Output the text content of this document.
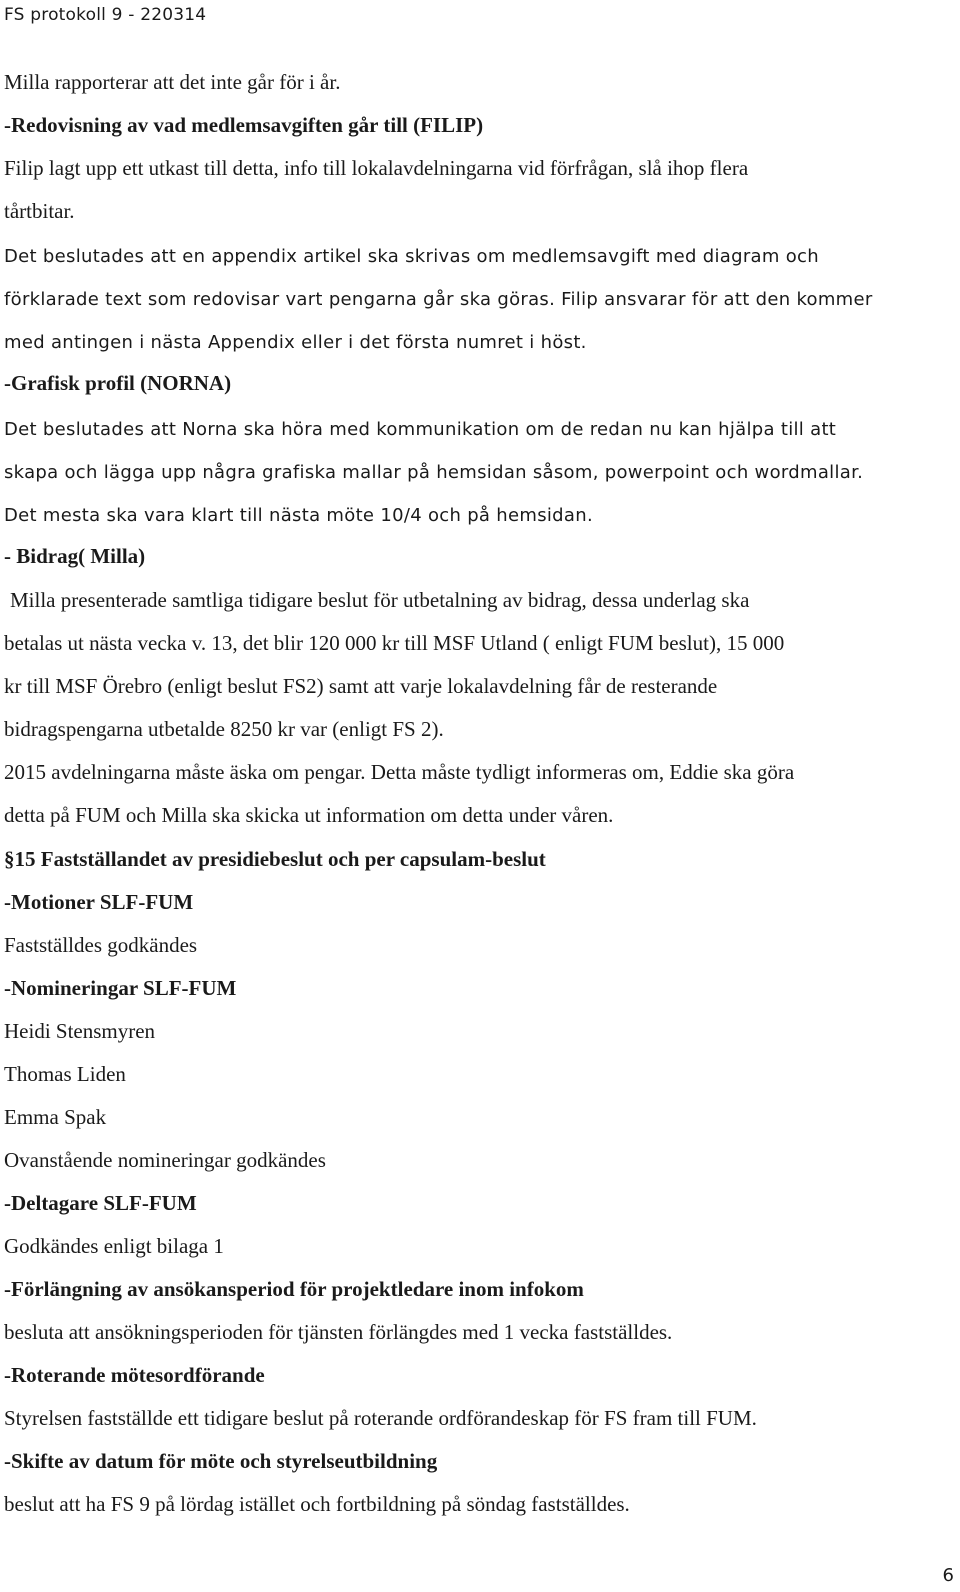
FS protokoll 9 - 220314
Milla rapporterar att det inte går för i år.
-Redovisning av vad medlemsavgiften går till (FILIP)
Filip lagt upp ett utkast till detta, info till lokalavdelningarna vid förfrågan, slå ihop flera
tårtbitar.
Det beslutades att en appendix artikel ska skrivas om medlemsavgift med diagram och
förklarade text som redovisar vart pengarna går ska göras. Filip ansvarar för att den kommer
med antingen i nästa Appendix eller i det första numret i höst.
-Grafisk profil (NORNA)
Det beslutades att Norna ska höra med kommunikation om de redan nu kan hjälpa till att
skapa och lägga upp några grafiska mallar på hemsidan såsom, powerpoint och wordmallar.
Det mesta ska vara klart till nästa möte 10/4 och på hemsidan.
- Bidrag( Milla)
Milla presenterade samtliga tidigare beslut för utbetalning av bidrag, dessa underlag ska
betalas ut nästa vecka v. 13, det blir 120 000 kr till MSF Utland ( enligt FUM beslut), 15 000
kr till MSF Örebro (enligt beslut FS2) samt att varje lokalavdelning får de resterande
bidragspengarna utbetalde 8250 kr var (enligt FS 2).
2015 avdelningarna måste äska om pengar. Detta måste tydligt informeras om, Eddie ska göra
detta på FUM och Milla ska skicka ut information om detta under våren.
§15 Fastställandet av presidiebeslut och per capsulam-beslut
-Motioner SLF-FUM
Fastställdes godkändes
-Nomineringar SLF-FUM
Heidi Stensmyren
Thomas Liden
Emma Spak
Ovanstående nomineringar godkändes
-Deltagare SLF-FUM
Godkändes enligt bilaga 1
-Förlängning av ansökansperiod för projektledare inom infokom
besluta att ansökningsperioden för tjänsten förlängdes med 1 vecka fastställdes.
-Roterande mötesordförande
Styrelsen fastställde ett tidigare beslut på roterande ordförandeskap för FS fram till FUM.
-Skifte av datum för möte och styrelseutbildning
beslut att ha FS 9 på lördag istället och fortbildning på söndag fastställdes.
6
